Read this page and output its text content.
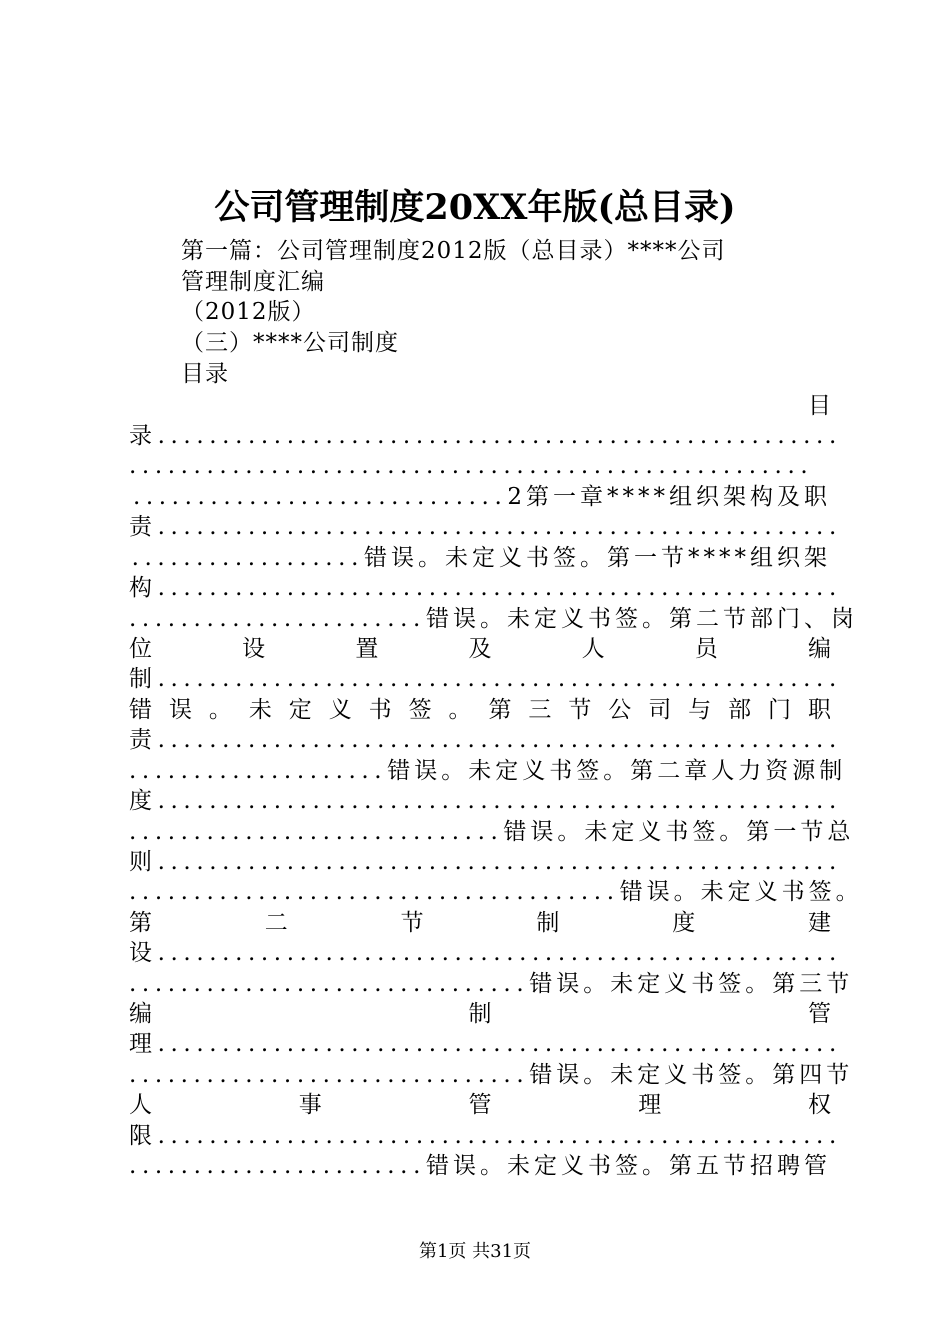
公司管理制度20XX年版(总目录)
第一篇：公司管理制度2012版（总目录）****公司
管理制度汇编
（2012版）
（三）****公司制度
目录
目
录.....................................................
.....................................................
.............................2第一章****组织架构及职
责.....................................................
..................错误。未定义书签。第一节****组织架
构.....................................................
.......................错误。未定义书签。第二节部门、岗
位	设	置	及	人	员	编
制.....................................................
错 误 。 未 定 义 书 签 。 第 三 节 公 司 与 部 门 职
责.....................................................
....................错误。未定义书签。第二章人力资源制
度.....................................................
.............................错误。未定义书签。第一节总
则.....................................................
......................................错误。未定义书签。
第	二	节	制	度	建
设.....................................................
...............................错误。未定义书签。第三节
编	制	管
理.....................................................
...............................错误。未定义书签。第四节
人	事	管	理	权
限.....................................................
.......................错误。未定义书签。第五节招聘管
第1页 共31页
